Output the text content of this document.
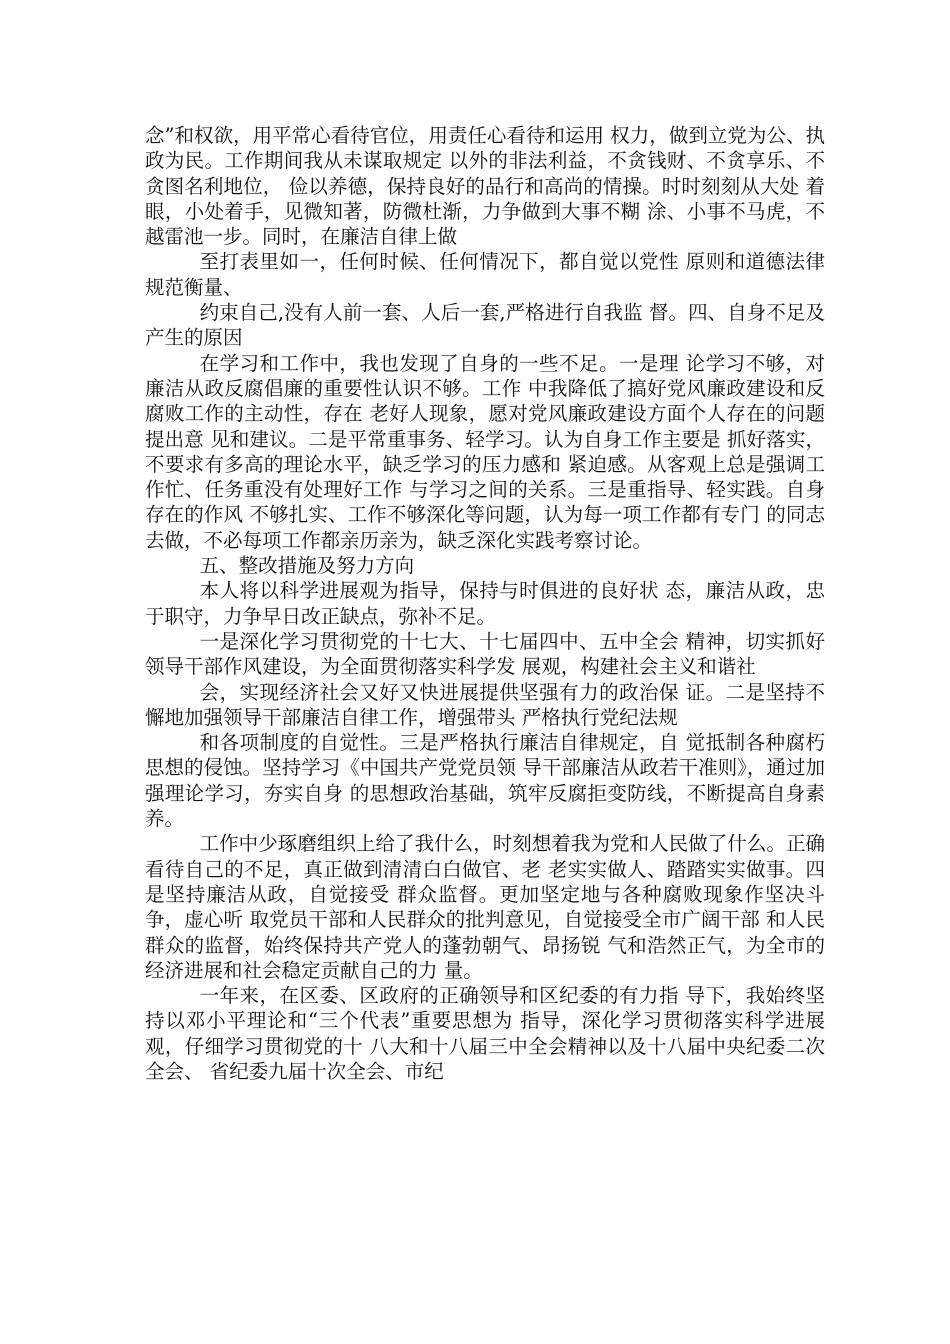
念”和权欲，用平常心看待官位，用责任心看待和运用 权力，做到立党为公、执政为民。工作期间我从未谋取规定 以外的非法利益，不贪钱财、不贪享乐、不贪图名利地位， 俭以养德，保持良好的品行和高尚的情操。时时刻刻从大处 着眼，小处着手，见微知著，防微杜渐，力争做到大事不糊 涂、小事不马虎，不越雷池一步。同时，在廉洁自律上做

至打表里如一，任何时候、任何情况下，都自觉以党性 原则和道德法律规范衡量、

约束自己,没有人前一套、人后一套,严格进行自我监 督。四、自身不足及产生的原因

在学习和工作中，我也发现了自身的一些不足。一是理 论学习不够，对廉洁从政反腐倡廉的重要性认识不够。工作 中我降低了搞好党风廉政建设和反腐败工作的主动性，存在 老好人现象，愿对党风廉政建设方面个人存在的问题提出意 见和建议。二是平常重事务、轻学习。认为自身工作主要是 抓好落实，不要求有多高的理论水平，缺乏学习的压力感和 紧迫感。从客观上总是强调工作忙、任务重没有处理好工作 与学习之间的关系。三是重指导、轻实践。自身存在的作风 不够扎实、工作不够深化等问题，认为每一项工作都有专门 的同志去做，不必每项工作都亲历亲为，缺乏深化实践考察讨论。

五、整改措施及努力方向

本人将以科学进展观为指导，保持与时俱进的良好状 态，廉洁从政，忠于职守，力争早日改正缺点，弥补不足。

一是深化学习贯彻党的十七大、十七届四中、五中全会 精神，切实抓好领导干部作风建设，为全面贯彻落实科学发 展观，构建社会主义和谐社

会，实现经济社会又好又快进展提供坚强有力的政治保 证。二是坚持不懈地加强领导干部廉洁自律工作，增强带头 严格执行党纪法规

和各项制度的自觉性。三是严格执行廉洁自律规定，自 觉抵制各种腐朽思想的侵蚀。坚持学习《中国共产党党员领 导干部廉洁从政若干准则》，通过加强理论学习，夯实自身 的思想政治基础，筑牢反腐拒变防线，不断提高自身素养。

工作中少琢磨组织上给了我什么，时刻想着我为党和人民做了什么。正确看待自己的不足，真正做到清清白白做官、老 老实实做人、踏踏实实做事。四是坚持廉洁从政，自觉接受 群众监督。更加坚定地与各种腐败现象作坚决斗争，虚心听 取党员干部和人民群众的批判意见，自觉接受全市广阔干部 和人民群众的监督，始终保持共产党人的蓬勃朝气、昂扬锐 气和浩然正气，为全市的经济进展和社会稳定贡献自己的力 量。

一年来，在区委、区政府的正确领导和区纪委的有力指 导下，我始终坚持以邓小平理论和“三个代表”重要思想为 指导，深化学习贯彻落实科学进展观，仔细学习贯彻党的十 八大和十八届三中全会精神以及十八届中央纪委二次全会、 省纪委九届十次全会、市纪
